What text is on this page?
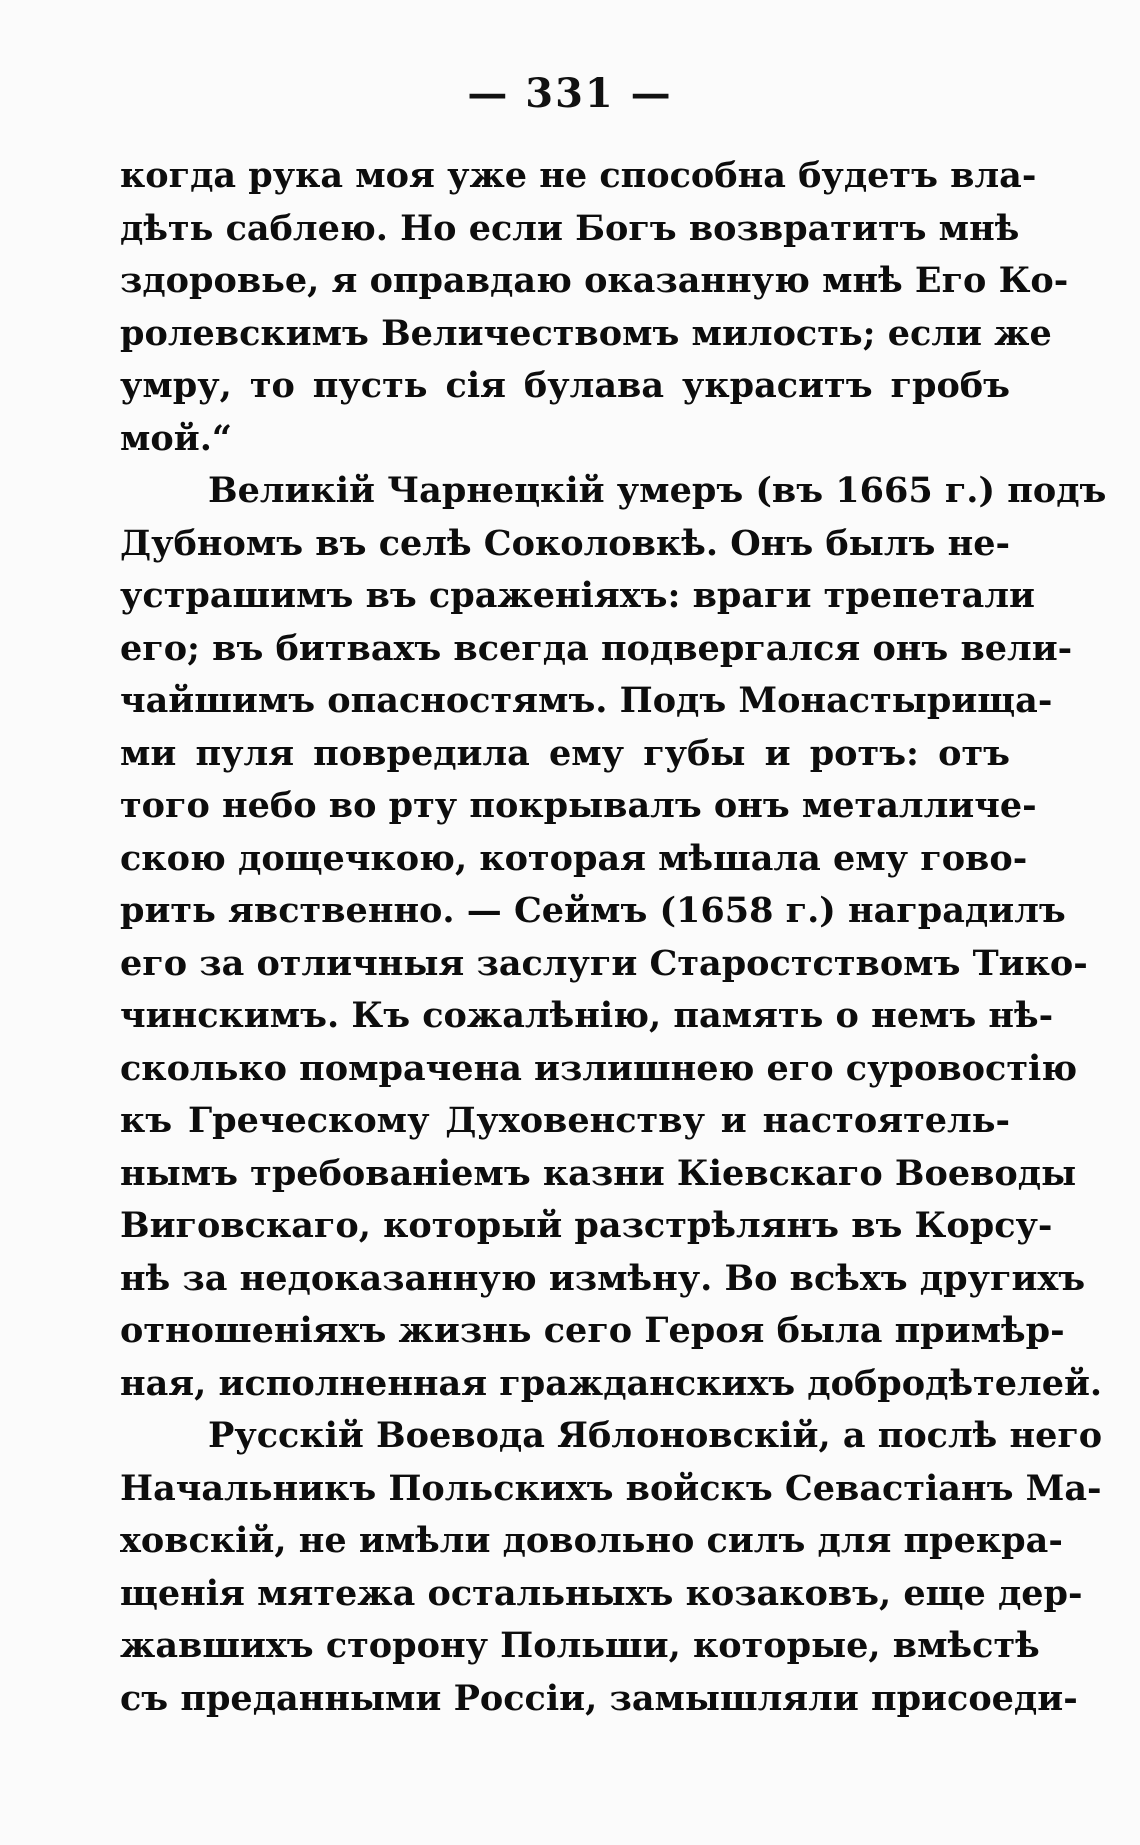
— 331 —
когда рука моя уже не способна будетъ вла-
дѣть саблею. Но если Богъ возвратитъ мнѣ
здоровье, я оправдаю оказанную мнѣ Его Ко-
ролевскимъ Величествомъ милость; если же
умру, то пусть сія булава украситъ гробъ
мой.“
Великій Чарнецкій умеръ (въ 1665 г.) подъ
Дубномъ въ селѣ Соколовкѣ. Онъ былъ не-
устрашимъ въ сраженіяхъ: враги трепетали
его; въ битвахъ всегда подвергался онъ вели-
чайшимъ опасностямъ. Подъ Монастырища-
ми пуля повредила ему губы и ротъ: отъ
того небо во рту покрывалъ онъ металличе-
скою дощечкою, которая мѣшала ему гово-
рить явственно. — Сеймъ (1658 г.) наградилъ
его за отличныя заслуги Старостствомъ Тико-
чинскимъ. Къ сожалѣнію, память о немъ нѣ-
сколько помрачена излишнею его суровостію
къ Греческому Духовенству и настоятель-
нымъ требованіемъ казни Кіевскаго Воеводы
Виговскаго, который разстрѣлянъ въ Корсу-
нѣ за недоказанную измѣну. Во всѣхъ другихъ
отношеніяхъ жизнь сего Героя была примѣр-
ная, исполненная гражданскихъ добродѣтелей.
Русскій Воевода Яблоновскій, а послѣ него
Начальникъ Польскихъ войскъ Севастіанъ Ма-
ховскій, не имѣли довольно силъ для прекра-
щенія мятежа остальныхъ козаковъ, еще дер-
жавшихъ сторону Польши, которые, вмѣстѣ
съ преданными Россіи, замышляли присоеди-
